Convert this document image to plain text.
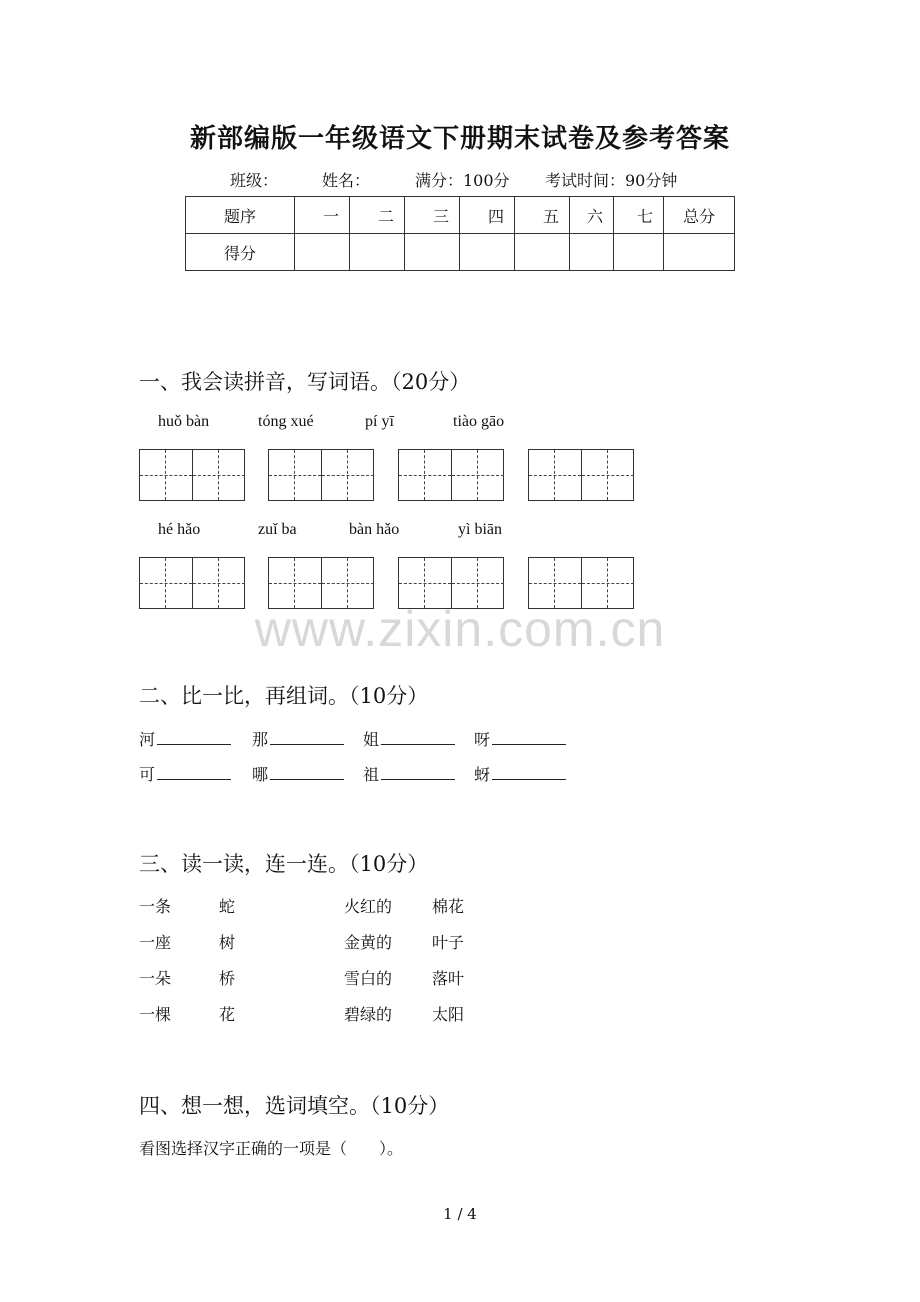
新部编版一年级语文下册期末试卷及参考答案
班级：	姓名：	满分：100分 考试时间：90分钟
题序	一	二	三	四	五	六	七	总分
得分								
一、我会读拼音，写词语。（20分）
huǒ bàn	tóng xué	pí yī	tiào gāo
hé hǎo	zuǐ ba	bàn hǎo	yì biān
www.zixin.com.cn
二、比一比，再组词。（10分）
河	那	姐	呀
可	哪	祖	蚜
三、读一读，连一连。（10分）
一条	蛇	火红的 棉花
一座	树	金黄的 叶子
一朵	桥	雪白的 落叶
一棵	花	碧绿的 太阳
四、想一想，选词填空。（10分）
看图选择汉字正确的一项是（　　）。
1 / 4
